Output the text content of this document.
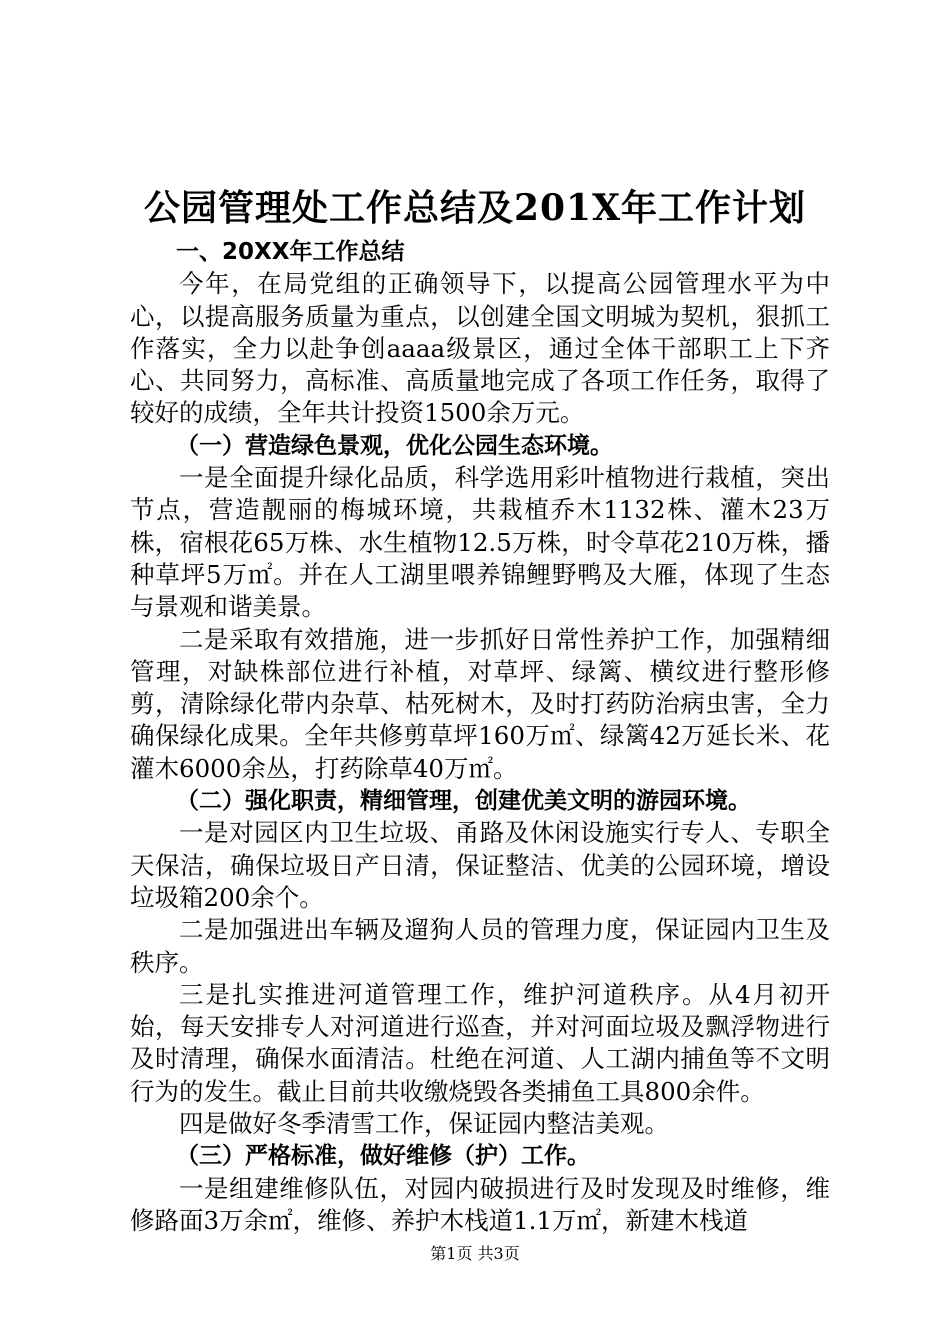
公园管理处工作总结及201X年工作计划

一、20XX年工作总结

今年，在局党组的正确领导下，以提高公园管理水平为中心，以提高服务质量为重点，以创建全国文明城为契机，狠抓工作落实，全力以赴争创aaaa级景区，通过全体干部职工上下齐心、共同努力，高标准、高质量地完成了各项工作任务，取得了较好的成绩，全年共计投资1500余万元。

（一）营造绿色景观，优化公园生态环境。

一是全面提升绿化品质，科学选用彩叶植物进行栽植，突出节点，营造靓丽的梅城环境，共栽植乔木1132株、灌木23万株，宿根花65万株、水生植物12.5万株，时令草花210万株，播种草坪5万㎡。并在人工湖里喂养锦鲤野鸭及大雁，体现了生态与景观和谐美景。

二是采取有效措施，进一步抓好日常性养护工作，加强精细管理，对缺株部位进行补植，对草坪、绿篱、横纹进行整形修剪，清除绿化带内杂草、枯死树木，及时打药防治病虫害，全力确保绿化成果。全年共修剪草坪160万㎡、绿篱42万延长米、花灌木6000余丛，打药除草40万㎡。

（二）强化职责，精细管理，创建优美文明的游园环境。

一是对园区内卫生垃圾、甬路及休闲设施实行专人、专职全天保洁，确保垃圾日产日清，保证整洁、优美的公园环境，增设垃圾箱200余个。

二是加强进出车辆及遛狗人员的管理力度，保证园内卫生及秩序。

三是扎实推进河道管理工作，维护河道秩序。从4月初开始，每天安排专人对河道进行巡查，并对河面垃圾及飘浮物进行及时清理，确保水面清洁。杜绝在河道、人工湖内捕鱼等不文明行为的发生。截止目前共收缴烧毁各类捕鱼工具800余件。

四是做好冬季清雪工作，保证园内整洁美观。

（三）严格标准，做好维修（护）工作。

一是组建维修队伍，对园内破损进行及时发现及时维修，维修路面3万余㎡，维修、养护木栈道1.1万㎡，新建木栈道

第1页 共3页
